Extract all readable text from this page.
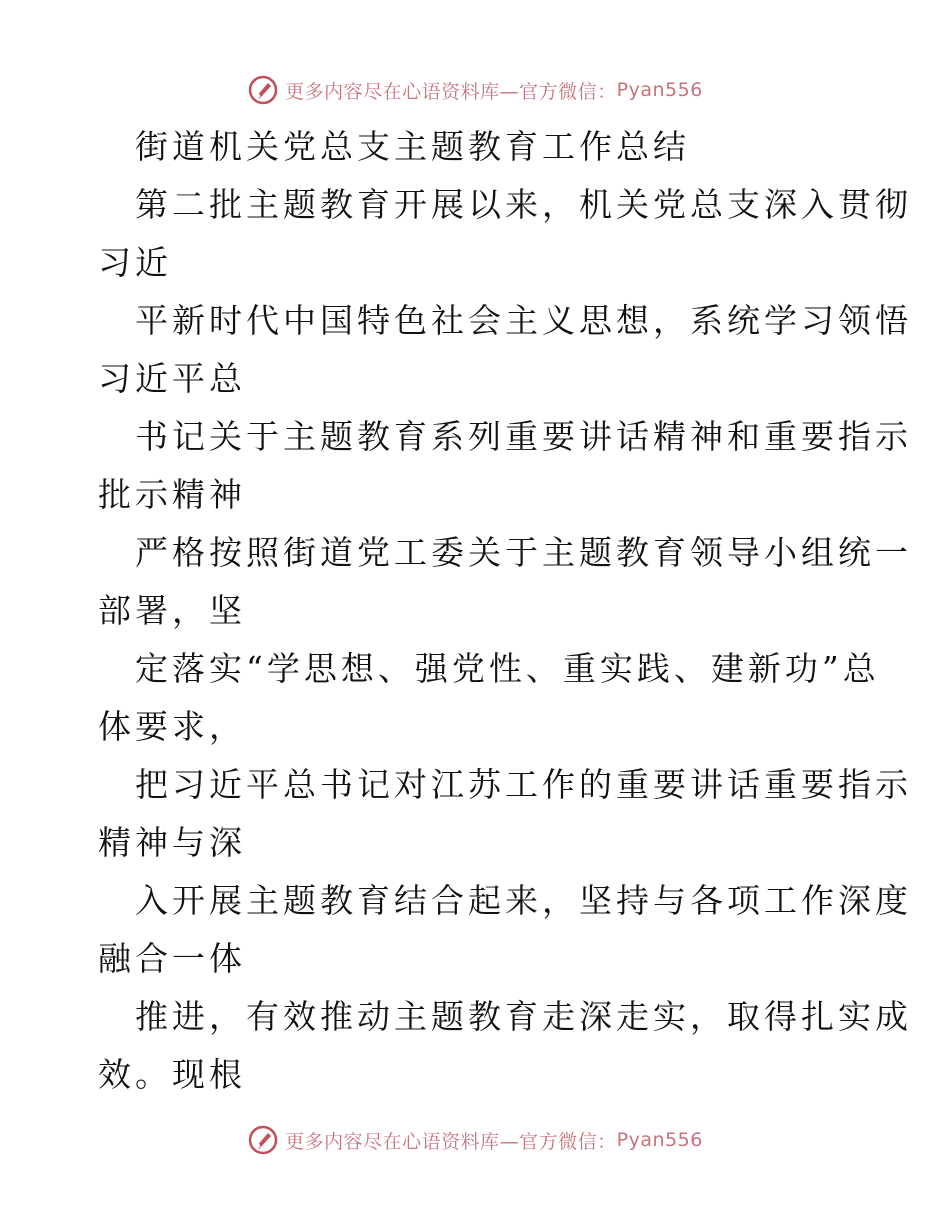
更多内容尽在心语资料库—官方微信： Pyan556
街道机关党总支主题教育工作总结
第二批主题教育开展以来，机关党总支深入贯彻
习近
平新时代中国特色社会主义思想，系统学习领悟
习近平总
书记关于主题教育系列重要讲话精神和重要指示
批示精神
严格按照街道党工委关于主题教育领导小组统一
部署，坚
定落实“学思想、强党性、重实践、建新功”总
体要求，
把习近平总书记对江苏工作的重要讲话重要指示
精神与深
入开展主题教育结合起来，坚持与各项工作深度
融合一体
推进，有效推动主题教育走深走实，取得扎实成
效。现根
更多内容尽在心语资料库—官方微信： Pyan556
